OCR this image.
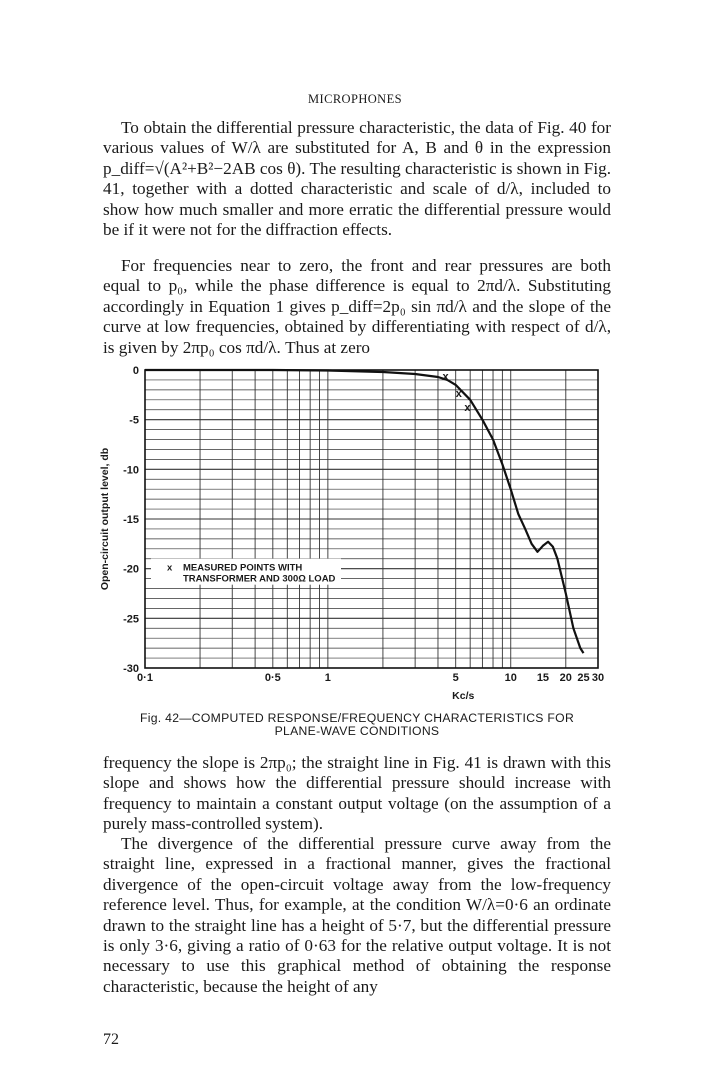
MICROPHONES

To obtain the differential pressure characteristic, the data of Fig. 40 for various values of W/λ are substituted for A, B and θ in the expression p_diff=√(A²+B²−2AB cos θ). The resulting characteristic is shown in Fig. 41, together with a dotted characteristic and scale of d/λ, included to show how much smaller and more erratic the differential pressure would be if it were not for the diffraction effects.

For frequencies near to zero, the front and rear pressures are both equal to p₀, while the phase difference is equal to 2πd/λ. Substituting accordingly in Equation 1 gives p_diff=2p₀ sin πd/λ and the slope of the curve at low frequencies, obtained by differentiating with respect of d/λ, is given by 2πp₀ cos πd/λ. Thus at zero

0
-5
-10
-15
-20
-25
-30
0·1	0·5	1	5	10 15 20 25 30
Kc/s
Open-circuit output level, db	x MEASURED POINTS WITH
TRANSFORMER AND 300Ω LOAD
x
x
x
Fig. 42—COMPUTED RESPONSE/FREQUENCY CHARACTERISTICS FOR
PLANE-WAVE CONDITIONS

frequency the slope is 2πp₀; the straight line in Fig. 41 is drawn with this slope and shows how the differential pressure should increase with frequency to maintain a constant output voltage (on the assumption of a purely mass-controlled system).

The divergence of the differential pressure curve away from the straight line, expressed in a fractional manner, gives the fractional divergence of the open-circuit voltage away from the low-frequency reference level. Thus, for example, at the condition W/λ=0·6 an ordinate drawn to the straight line has a height of 5·7, but the differential pressure is only 3·6, giving a ratio of 0·63 for the relative output voltage. It is not necessary to use this graphical method of obtaining the response characteristic, because the height of any

72
